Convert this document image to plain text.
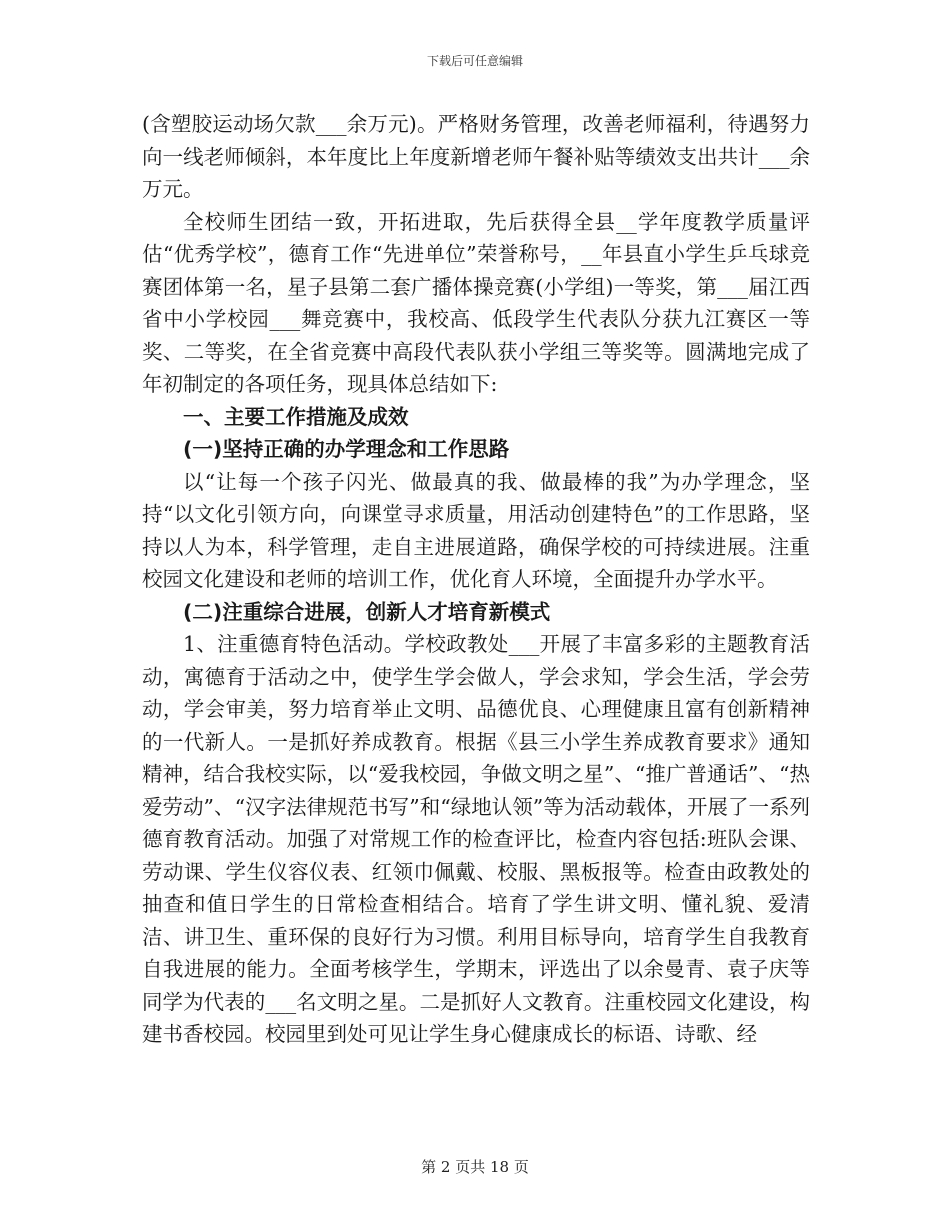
下载后可任意编辑

(含塑胶运动场欠款___余万元)。严格财务管理，改善老师福利，待遇努力向一线老师倾斜，本年度比上年度新增老师午餐补贴等绩效支出共计___余万元。

全校师生团结一致，开拓进取，先后获得全县__学年度教学质量评估“优秀学校”，德育工作“先进单位”荣誉称号，__年县直小学生乒乓球竞赛团体第一名，星子县第二套广播体操竞赛(小学组)一等奖，第___届江西省中小学校园___舞竞赛中，我校高、低段学生代表队分获九江赛区一等奖、二等奖，在全省竞赛中高段代表队获小学组三等奖等。圆满地完成了年初制定的各项任务，现具体总结如下:

一、主要工作措施及成效

(一)坚持正确的办学理念和工作思路

以“让每一个孩子闪光、做最真的我、做最棒的我”为办学理念，坚持“以文化引领方向，向课堂寻求质量，用活动创建特色”的工作思路，坚持以人为本，科学管理，走自主进展道路，确保学校的可持续进展。注重校园文化建设和老师的培训工作，优化育人环境，全面提升办学水平。

(二)注重综合进展，创新人才培育新模式

1、注重德育特色活动。学校政教处___开展了丰富多彩的主题教育活动，寓德育于活动之中，使学生学会做人，学会求知，学会生活，学会劳动，学会审美，努力培育举止文明、品德优良、心理健康且富有创新精神的一代新人。一是抓好养成教育。根据《县三小学生养成教育要求》通知精神，结合我校实际，以“爱我校园，争做文明之星”、“推广普通话”、“热爱劳动”、“汉字法律规范书写”和“绿地认领”等为活动载体，开展了一系列德育教育活动。加强了对常规工作的检查评比，检查内容包括:班队会课、劳动课、学生仪容仪表、红领巾佩戴、校服、黑板报等。检查由政教处的抽查和值日学生的日常检查相结合。培育了学生讲文明、懂礼貌、爱清洁、讲卫生、重环保的良好行为习惯。利用目标导向，培育学生自我教育自我进展的能力。全面考核学生，学期末，评选出了以余曼青、袁子庆等同学为代表的___名文明之星。二是抓好人文教育。注重校园文化建设，构建书香校园。校园里到处可见让学生身心健康成长的标语、诗歌、经

第 2 页共 18 页
